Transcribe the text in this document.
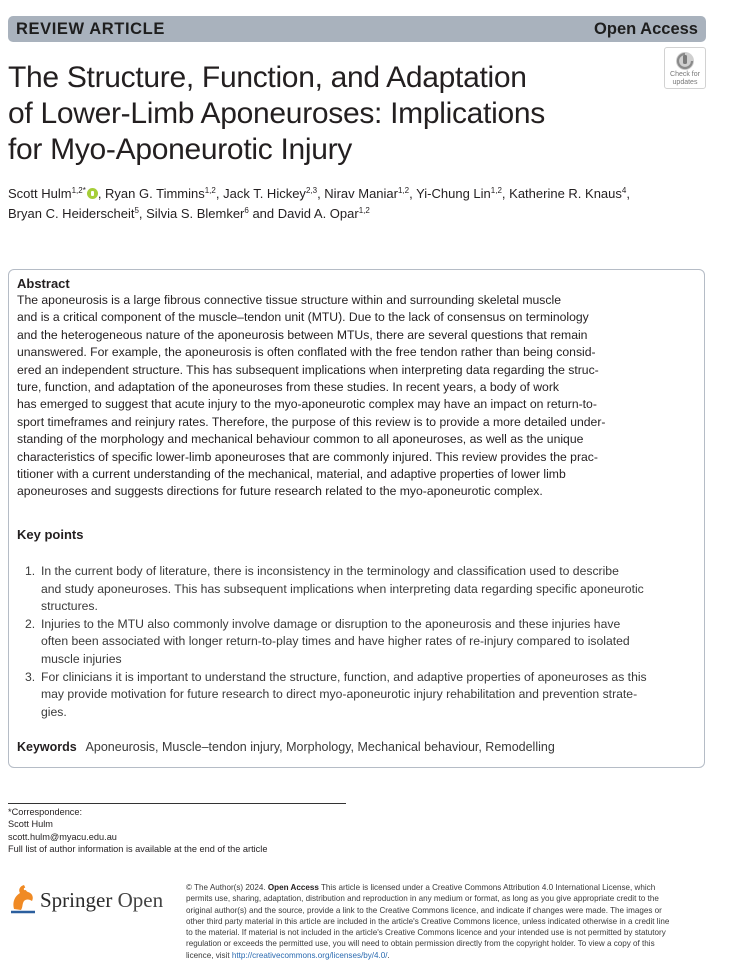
REVIEW ARTICLE	Open Access
Check for
updates
The Structure, Function, and Adaptation
of Lower-Limb Aponeuroses: Implications
for Myo-Aponeurotic Injury
Scott Hulm$^{1,2*}$ , Ryan G. Timmins$^{1,2}$, Jack T. Hickey$^{2,3}$, Nirav Maniar$^{1,2}$, Yi-Chung Lin$^{1,2}$, Katherine R. Knaus$^4$,
Bryan C. Heiderscheit$^5$, Silvia S. Blemker$^6$ and David A. Opar$^{1,2}$
Abstract
The aponeurosis is a large fibrous connective tissue structure within and surrounding skeletal muscle
and is a critical component of the muscle–tendon unit (MTU). Due to the lack of consensus on terminology
and the heterogeneous nature of the aponeurosis between MTUs, there are several questions that remain
unanswered. For example, the aponeurosis is often conflated with the free tendon rather than being consid-
ered an independent structure. This has subsequent implications when interpreting data regarding the struc-
ture, function, and adaptation of the aponeuroses from these studies. In recent years, a body of work
has emerged to suggest that acute injury to the myo-aponeurotic complex may have an impact on return-to-
sport timeframes and reinjury rates. Therefore, the purpose of this review is to provide a more detailed under-
standing of the morphology and mechanical behaviour common to all aponeuroses, as well as the unique
characteristics of specific lower-limb aponeuroses that are commonly injured. This review provides the prac-
titioner with a current understanding of the mechanical, material, and adaptive properties of lower limb
aponeuroses and suggests directions for future research related to the myo-aponeurotic complex.
Key points
1. In the current body of literature, there is inconsistency in the terminology and classification used to describe
and study aponeuroses. This has subsequent implications when interpreting data regarding specific aponeurotic
structures.
2. Injuries to the MTU also commonly involve damage or disruption to the aponeurosis and these injuries have
often been associated with longer return-to-play times and have higher rates of re-injury compared to isolated
muscle injuries
3. For clinicians it is important to understand the structure, function, and adaptive properties of aponeuroses as this
may provide motivation for future research to direct myo-aponeurotic injury rehabilitation and prevention strate-
gies.
Keywords Aponeurosis, Muscle–tendon injury, Morphology, Mechanical behaviour, Remodelling
*Correspondence:
Scott Hulm
scott.hulm@myacu.edu.au
Full list of author information is available at the end of the article
Springer Open
© The Author(s) 2024. Open Access This article is licensed under a Creative Commons Attribution 4.0 International License, which
permits use, sharing, adaptation, distribution and reproduction in any medium or format, as long as you give appropriate credit to the
original author(s) and the source, provide a link to the Creative Commons licence, and indicate if changes were made. The images or
other third party material in this article are included in the article's Creative Commons licence, unless indicated otherwise in a credit line
to the material. If material is not included in the article's Creative Commons licence and your intended use is not permitted by statutory
regulation or exceeds the permitted use, you will need to obtain permission directly from the copyright holder. To view a copy of this
licence, visit http://creativecommons.org/licenses/by/4.0/.
